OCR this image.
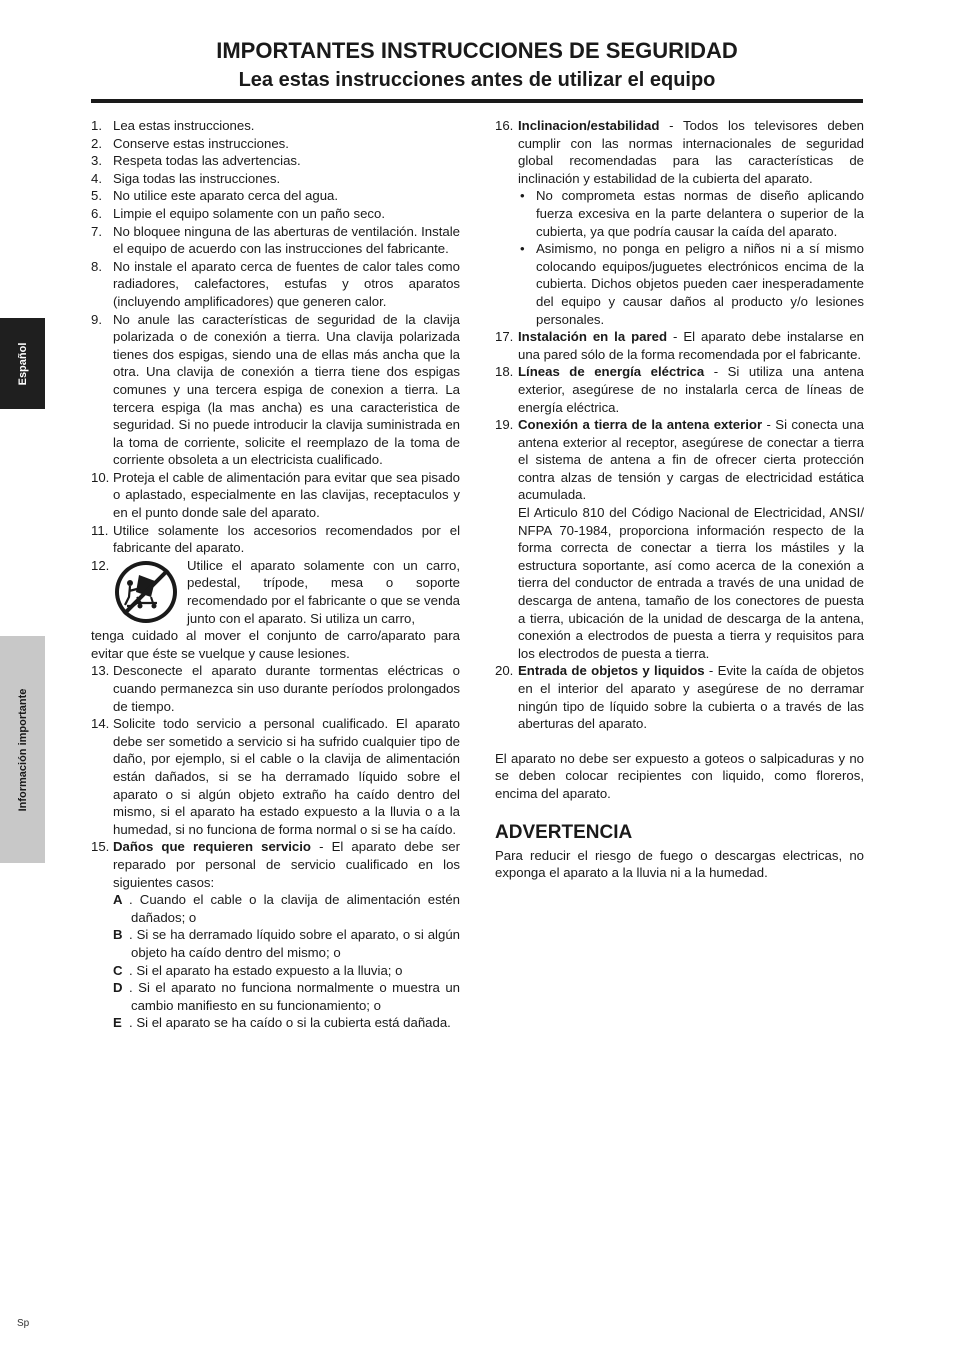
IMPORTANTES INSTRUCCIONES DE SEGURIDAD

Lea estas instrucciones antes de utilizar el equipo

Español
Información importante
1. Lea estas instrucciones.
2. Conserve estas instrucciones.
3. Respeta todas las advertencias.
4. Siga todas las instrucciones.
5. No utilice este aparato cerca del agua.
6. Limpie el equipo solamente con un paño seco.
7. No bloquee ninguna de las aberturas de ventilación. Instale el equipo de acuerdo con las instrucciones del fabricante.
8. No instale el aparato cerca de fuentes de calor tales como radiadores, calefactores, estufas y otros aparatos (incluyendo amplificadores) que generen calor.
9. No anule las características de seguridad de la clavija polarizada o de conexión a tierra. Una clavija polarizada tienes dos espigas, siendo una de ellas más ancha que la otra. Una clavija de conexión a tierra tiene dos espigas comunes y una tercera espiga de conexion a tierra. La tercera espiga (la mas ancha) es una caracteristica de seguridad. Si no puede introducir la clavija suministrada en la toma de corriente, solicite el reemplazo de la toma de corriente obsoleta a un electricista cualificado.
10. Proteja el cable de alimentación para evitar que sea pisado o aplastado, especialmente en las clavijas, receptaculos y en el punto donde sale del aparato.
11. Utilice solamente los accesorios recomendados por el fabricante del aparato.
12.	Utilice el aparato solamente con un carro, pedestal, trípode, mesa o soporte recomendado por el fabricante o que se venda junto con el aparato. Si utiliza un carro,
tenga cuidado al mover el conjunto de carro/aparato para evitar que éste se vuelque y cause lesiones.
13. Desconecte el aparato durante tormentas eléctricas o cuando permanezca sin uso durante períodos prolongados de tiempo.
14. Solicite todo servicio a personal cualificado. El aparato debe ser sometido a servicio si ha sufrido cualquier tipo de daño, por ejemplo, si el cable o la clavija de alimentación están dañados, si se ha derramado líquido sobre el aparato o si algún objeto extraño ha caído dentro del mismo, si el aparato ha estado expuesto a la lluvia o a la humedad, si no funciona de forma normal o si se ha caído.
15. Daños que requieren servicio - El aparato debe ser reparado por personal de servicio cualificado en los siguientes casos:
A . Cuando el cable o la clavija de alimentación estén dañados; o
B . Si se ha derramado líquido sobre el aparato, o si algún objeto ha caído dentro del mismo; o
C . Si el aparato ha estado expuesto a la lluvia; o
D . Si el aparato no funciona normalmente o muestra un cambio manifiesto en su funcionamiento; o
E . Si el aparato se ha caído o si la cubierta está dañada.
16. Inclinacion/estabilidad - Todos los televisores deben cumplir con las normas internacionales de seguridad global recomendadas para las características de inclinación y estabilidad de la cubierta del aparato.
• No comprometa estas normas de diseño aplicando fuerza excesiva en la parte delantera o superior de la cubierta, ya que podría causar la caída del aparato.
• Asimismo, no ponga en peligro a niños ni a sí mismo colocando equipos/juguetes electrónicos encima de la cubierta. Dichos objetos pueden caer inesperadamente del equipo y causar daños al producto y/o lesiones personales.
17. Instalación en la pared - El aparato debe instalarse en una pared sólo de la forma recomendada por el fabricante.
18. Líneas de energía eléctrica - Si utiliza una antena exterior, asegúrese de no instalarla cerca de líneas de energía eléctrica.
19. Conexión a tierra de la antena exterior - Si conecta una antena exterior al receptor, asegúrese de conectar a tierra el sistema de antena a fin de ofrecer cierta protección contra alzas de tensión y cargas de electricidad estática acumulada.
El Articulo 810 del Código Nacional de Electricidad, ANSI/ NFPA 70-1984, proporciona información respecto de la forma correcta de conectar a tierra los mástiles y la estructura soportante, así como acerca de la conexión a tierra del conductor de entrada a través de una unidad de descarga de antena, tamaño de los conectores de puesta a tierra, ubicación de la unidad de descarga de la antena, conexión a electrodos de puesta a tierra y requisitos para los electrodos de puesta a tierra.
20. Entrada de objetos y liquidos - Evite la caída de objetos en el interior del aparato y asegúrese de no derramar ningún tipo de líquido sobre la cubierta o a través de las aberturas del aparato.
El aparato no debe ser expuesto a goteos o salpicaduras y no se deben colocar recipientes con liquido, como floreros, encima del aparato.
ADVERTENCIA
Para reducir el riesgo de fuego o descargas electricas, no exponga el aparato a la lluvia ni a la humedad.
Sp
